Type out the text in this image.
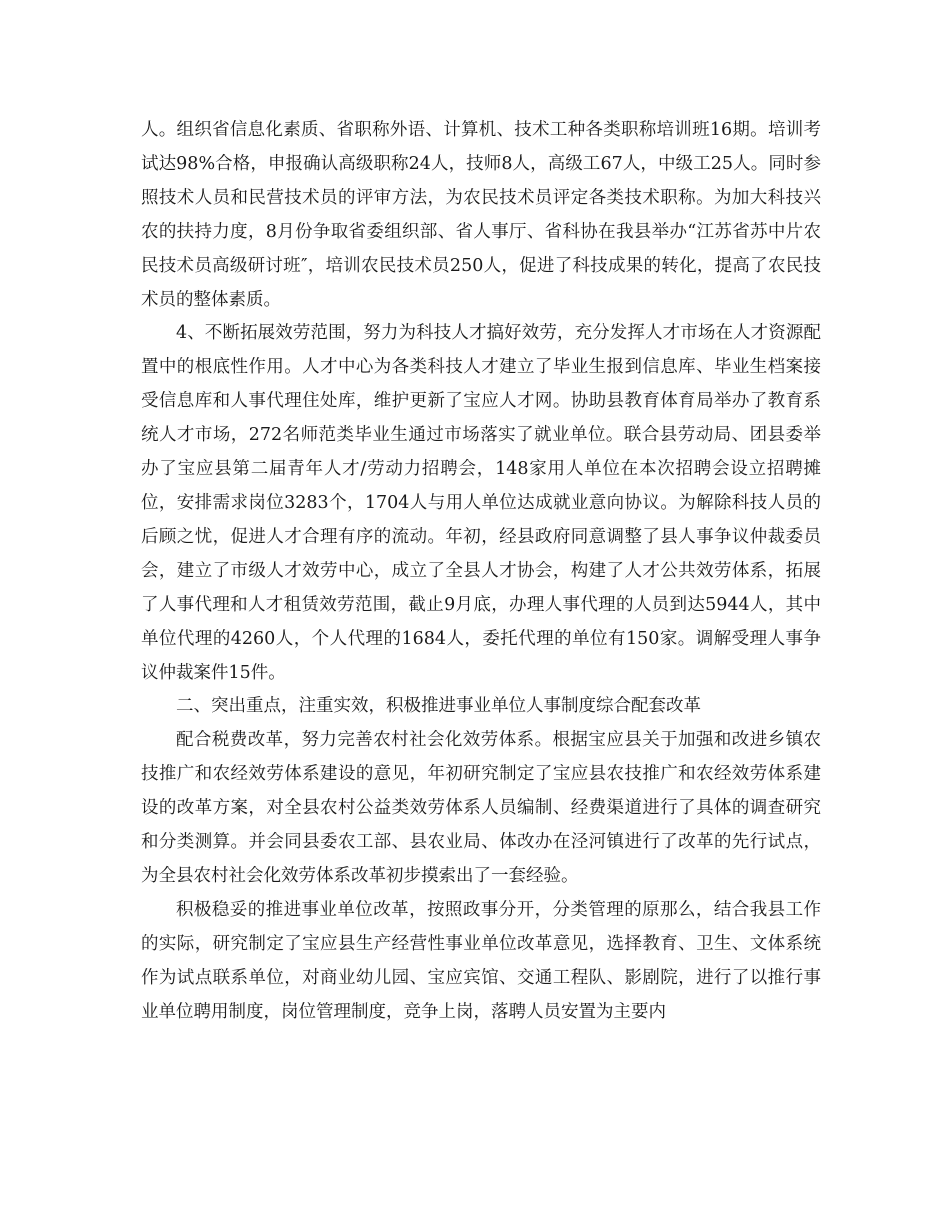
人。组织省信息化素质、省职称外语、计算机、技术工种各类职称培训班16期。培训考试达98%合格，申报确认高级职称24人，技师8人，高级工67人，中级工25人。同时参照技术人员和民营技术员的评审方法，为农民技术员评定各类技术职称。为加大科技兴农的扶持力度，8月份争取省委组织部、省人事厅、省科协在我县举办“江苏省苏中片农民技术员高级研讨班″，培训农民技术员250人，促进了科技成果的转化，提高了农民技术员的整体素质。

4、不断拓展效劳范围，努力为科技人才搞好效劳，充分发挥人才市场在人才资源配置中的根底性作用。人才中心为各类科技人才建立了毕业生报到信息库、毕业生档案接受信息库和人事代理住处库，维护更新了宝应人才网。协助县教育体育局举办了教育系统人才市场，272名师范类毕业生通过市场落实了就业单位。联合县劳动局、团县委举办了宝应县第二届青年人才/劳动力招聘会，148家用人单位在本次招聘会设立招聘摊位，安排需求岗位3283个，1704人与用人单位达成就业意向协议。为解除科技人员的后顾之忧，促进人才合理有序的流动。年初，经县政府同意调整了县人事争议仲裁委员会，建立了市级人才效劳中心，成立了全县人才协会，构建了人才公共效劳体系，拓展了人事代理和人才租赁效劳范围，截止9月底，办理人事代理的人员到达5944人，其中单位代理的4260人，个人代理的1684人，委托代理的单位有150家。调解受理人事争议仲裁案件15件。

二、突出重点，注重实效，积极推进事业单位人事制度综合配套改革

配合税费改革，努力完善农村社会化效劳体系。根据宝应县关于加强和改进乡镇农技推广和农经效劳体系建设的意见，年初研究制定了宝应县农技推广和农经效劳体系建设的改革方案，对全县农村公益类效劳体系人员编制、经费渠道进行了具体的调查研究和分类测算。并会同县委农工部、县农业局、体改办在泾河镇进行了改革的先行试点，为全县农村社会化效劳体系改革初步摸索出了一套经验。

积极稳妥的推进事业单位改革，按照政事分开，分类管理的原那么，结合我县工作的实际，研究制定了宝应县生产经营性事业单位改革意见，选择教育、卫生、文体系统作为试点联系单位，对商业幼儿园、宝应宾馆、交通工程队、影剧院，进行了以推行事业单位聘用制度，岗位管理制度，竞争上岗，落聘人员安置为主要内
